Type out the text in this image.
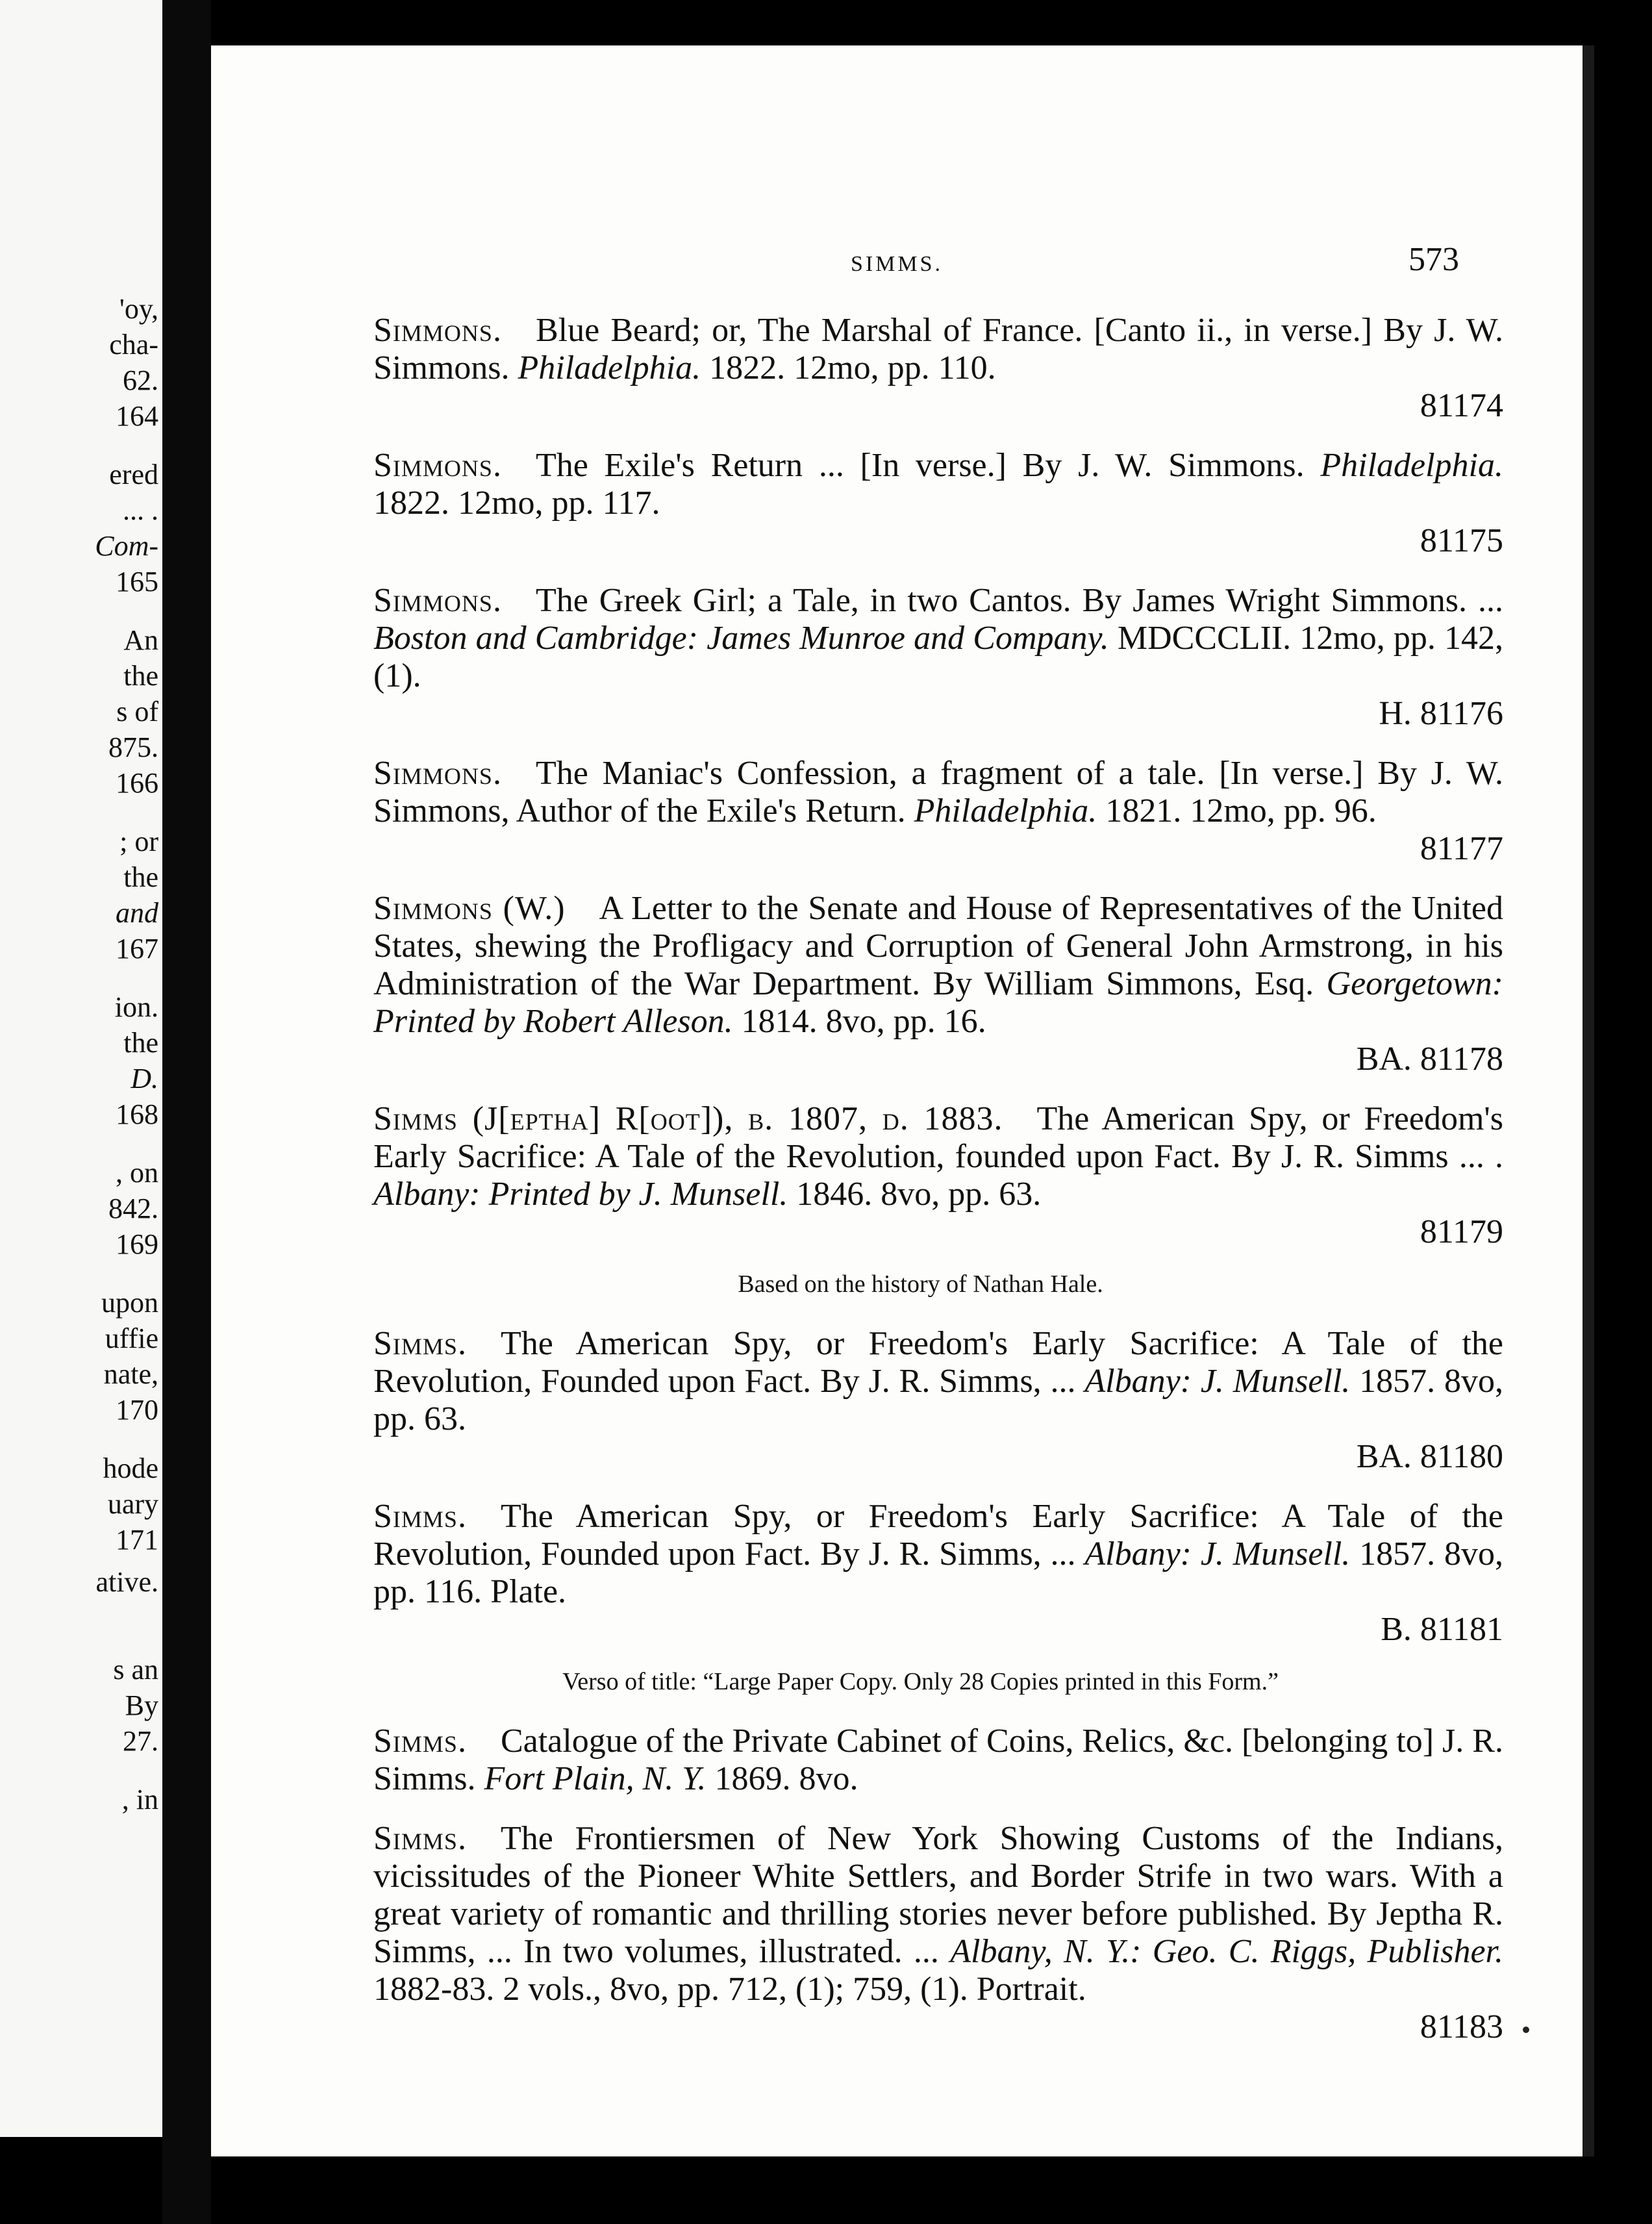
'oy,
cha-
62.
164
ered
... .
Com-
165
An
the
s of
875.
166
; or
the
and
167
ion.
the
D.
168
, on
842.
169
upon
uffie
nate,
170
hode
uary
171
ative.
s an
By
27.
, in
SIMMS.	573
Simmons.  Blue Beard; or, The Marshal of France. [Canto ii., in verse.] By J. W. Simmons. Philadelphia. 1822. 12mo, pp. 110.
81174
Simmons.  The Exile's Return ... [In verse.] By J. W. Simmons. Philadelphia. 1822. 12mo, pp. 117.
81175
Simmons.  The Greek Girl; a Tale, in two Cantos. By James Wright Simmons. ... Boston and Cambridge: James Munroe and Company. MDCCCLII. 12mo, pp. 142, (1).
H. 81176
Simmons.  The Maniac's Confession, a fragment of a tale. [In verse.] By J. W. Simmons, Author of the Exile's Return. Philadelphia. 1821. 12mo, pp. 96.
81177
Simmons (W.)  A Letter to the Senate and House of Representatives of the United States, shewing the Profligacy and Corruption of General John Armstrong, in his Administration of the War Department. By William Simmons, Esq. Georgetown: Printed by Robert Alleson. 1814. 8vo, pp. 16.
BA. 81178
Simms (J[eptha] R[oot]), b. 1807, d. 1883.  The American Spy, or Freedom's Early Sacrifice: A Tale of the Revolution, founded upon Fact. By J. R. Simms ... . Albany: Printed by J. Munsell. 1846. 8vo, pp. 63.
81179
Based on the history of Nathan Hale.
Simms.  The American Spy, or Freedom's Early Sacrifice: A Tale of the Revolution, Founded upon Fact. By J. R. Simms, ... Albany: J. Munsell. 1857. 8vo, pp. 63.
BA. 81180
Simms.  The American Spy, or Freedom's Early Sacrifice: A Tale of the Revolution, Founded upon Fact. By J. R. Simms, ... Albany: J. Munsell. 1857. 8vo, pp. 116. Plate.
B. 81181
Verso of title: “Large Paper Copy. Only 28 Copies printed in this Form.”
Simms.  Catalogue of the Private Cabinet of Coins, Relics, &c. [belonging to] J. R. Simms. Fort Plain, N. Y. 1869. 8vo.
Simms.  The Frontiersmen of New York Showing Customs of the Indians, vicissitudes of the Pioneer White Settlers, and Border Strife in two wars. With a great variety of romantic and thrilling stories never before published. By Jeptha R. Simms, ... In two volumes, illustrated. ... Albany, N. Y.: Geo. C. Riggs, Publisher. 1882-83. 2 vols., 8vo, pp. 712, (1); 759, (1). Portrait.
81183
